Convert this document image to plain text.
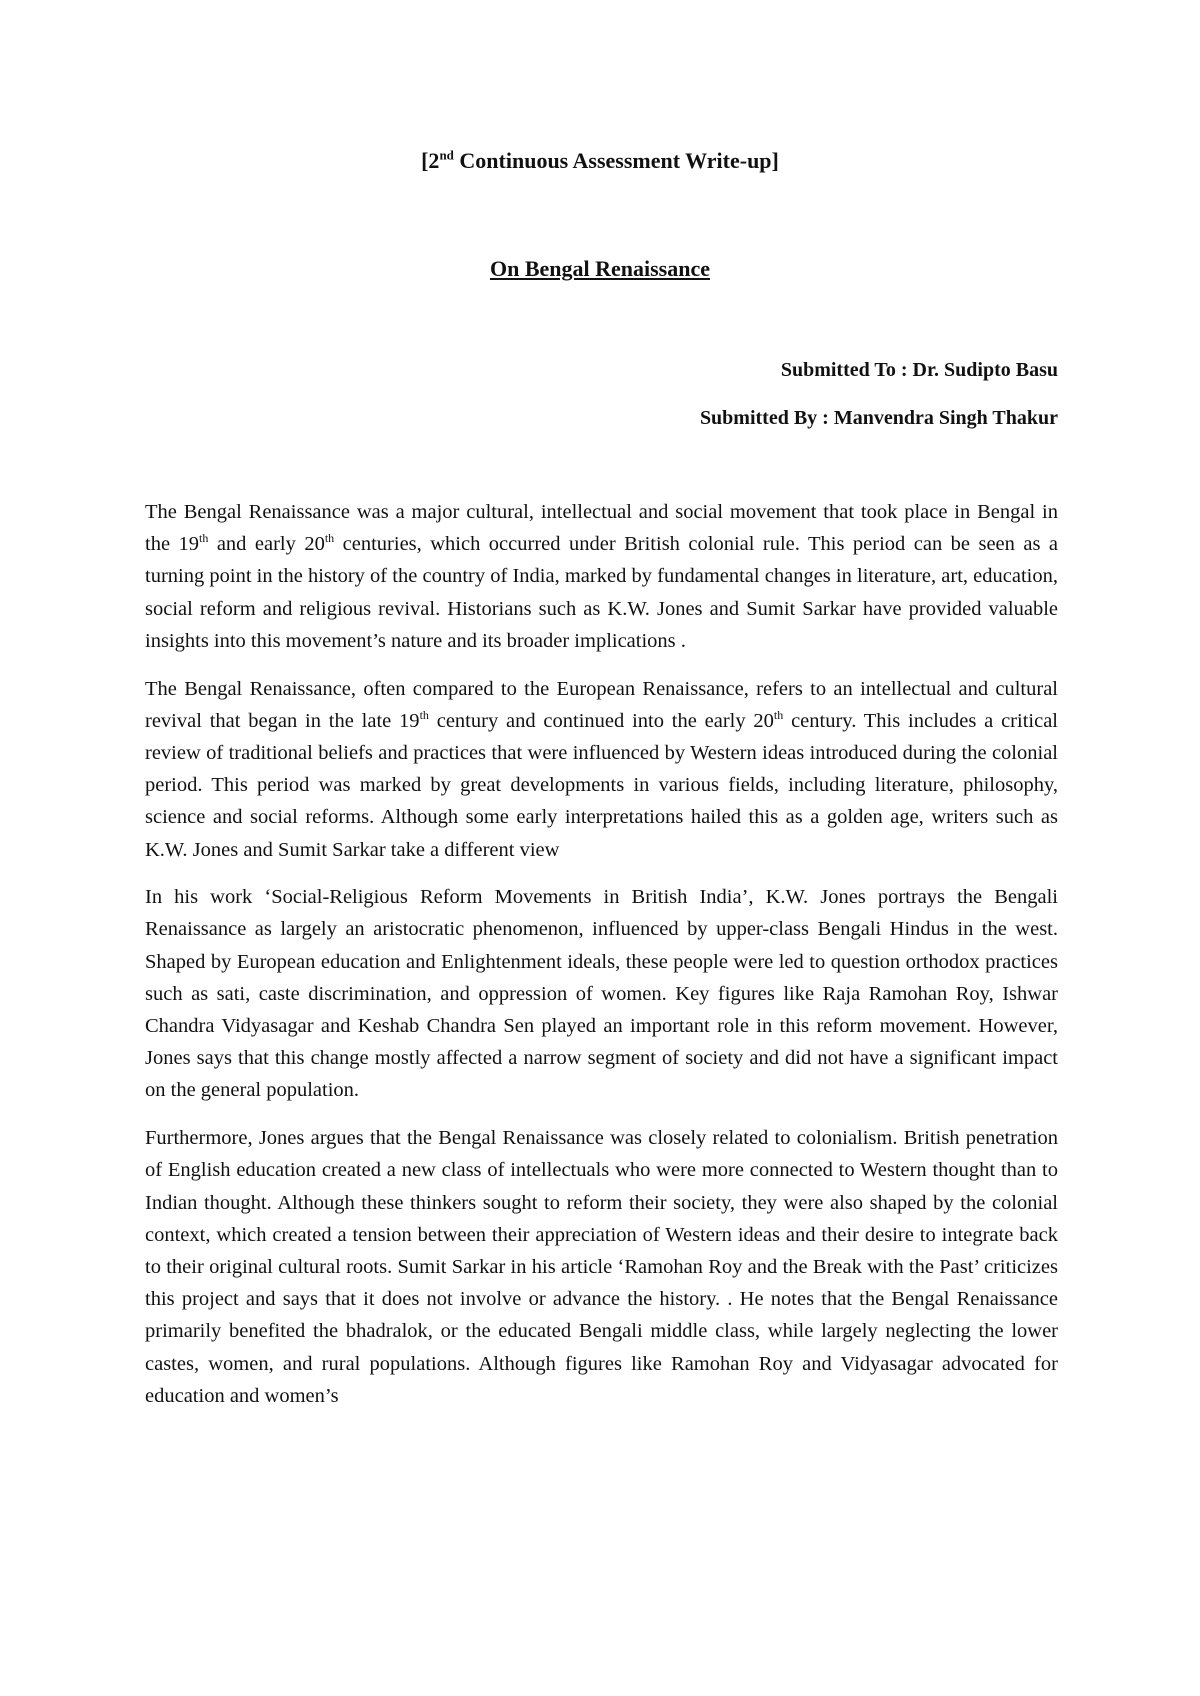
[2nd Continuous Assessment Write-up]
On Bengal Renaissance
Submitted To : Dr. Sudipto Basu
Submitted By : Manvendra Singh Thakur

The Bengal Renaissance was a major cultural, intellectual and social movement that took place in Bengal in the 19th and early 20th centuries, which occurred under British colonial rule. This period can be seen as a turning point in the history of the country of India, marked by fundamental changes in literature, art, education, social reform and religious revival. Historians such as K.W. Jones and Sumit Sarkar have provided valuable insights into this movement’s nature and its broader implications .

The Bengal Renaissance, often compared to the European Renaissance, refers to an intellectual and cultural revival that began in the late 19th century and continued into the early 20th century. This includes a critical review of traditional beliefs and practices that were influenced by Western ideas introduced during the colonial period. This period was marked by great developments in various fields, including literature, philosophy, science and social reforms. Although some early interpretations hailed this as a golden age, writers such as K.W. Jones and Sumit Sarkar take a different view

In his work ‘Social-Religious Reform Movements in British India’, K.W. Jones portrays the Bengali Renaissance as largely an aristocratic phenomenon, influenced by upper-class Bengali Hindus in the west. Shaped by European education and Enlightenment ideals, these people were led to question orthodox practices such as sati, caste discrimination, and oppression of women. Key figures like Raja Ramohan Roy, Ishwar Chandra Vidyasagar and Keshab Chandra Sen played an important role in this reform movement. However, Jones says that this change mostly affected a narrow segment of society and did not have a significant impact on the general population.

Furthermore, Jones argues that the Bengal Renaissance was closely related to colonialism. British penetration of English education created a new class of intellectuals who were more connected to Western thought than to Indian thought. Although these thinkers sought to reform their society, they were also shaped by the colonial context, which created a tension between their appreciation of Western ideas and their desire to integrate back to their original cultural roots. Sumit Sarkar in his article ‘Ramohan Roy and the Break with the Past’ criticizes this project and says that it does not involve or advance the history. . He notes that the Bengal Renaissance primarily benefited the bhadralok, or the educated Bengali middle class, while largely neglecting the lower castes, women, and rural populations. Although figures like Ramohan Roy and Vidyasagar advocated for education and women’s
